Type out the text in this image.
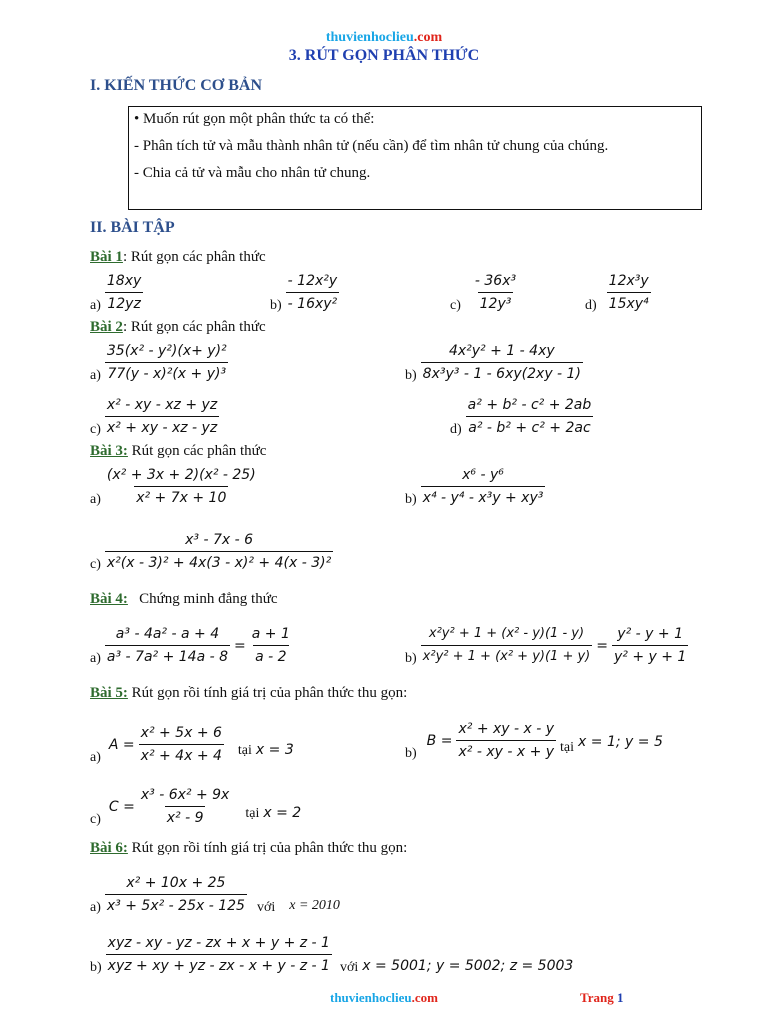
thuvienhoclieu.com
3. RÚT GỌN PHÂN THỨC
I. KIẾN THỨC CƠ BẢN
• Muốn rút gọn một phân thức ta có thể:
- Phân tích tử và mẫu thành nhân tử (nếu cần) để tìm nhân tử chung của chúng.
- Chia cả tử và mẫu cho nhân tử chung.
II. BÀI TẬP
Bài 1: Rút gọn các phân thức
$a) \frac{18xy}{12yz}$	$b) \frac{\text{- 12x²y}}{\text{- 16xy²}}$	$c) \frac{\text{- 36x³}}{\text{12y³}}$	$d) \frac{\text{12x³y}}{\text{15xy⁴}}$
Bài 2: Rút gọn các phân thức
$a) \frac{\text{35(x² - y²)(x+ y)²}}{\text{77(y - x)²(x + y)³}}$	$b) \frac{\text{4x²y² + 1 - 4xy}}{\text{8x³y³ - 1 - 6xy(2xy - 1)}}$
$c) \frac{\text{x² - xy - xz + yz}}{\text{x² + xy - xz - yz}}$	$d) \frac{\text{a² + b² - c² + 2ab}}{\text{a² - b² + c² + 2ac}}$
Bài 3: Rút gọn các phân thức
$a) \frac{\text{(x² + 3x + 2)(x² - 25)}}{\text{x² + 7x + 10}}$	$b) \frac{\text{x⁶ - y⁶}}{\text{x⁴ - y⁴ - x³y + xy³}}$
$c) \frac{\text{x³ - 7x - 6}}{\text{x²(x - 3)² + 4x(3 - x)² + 4(x - 3)²}}$
Bài 4:   Chứng minh đẳng thức
$a) \frac{\text{a³ - 4a² - a + 4}}{\text{a³ - 7a² + 14a - 8}} = \frac{a + 1}{a - 2}$	$b) \frac{\text{x²y² + 1 + (x² - y)(1 - y)}}{\text{x²y² + 1 + (x² + y)(1 + y)}} = \frac{\text{y² - y + 1}}{\text{y² + y + 1}}$
Bài 5: Rút gọn rồi tính giá trị của phân thức thu gọn:
a)
$A = \frac{\text{x² + 5x + 6}}{\text{x² + 4x + 4}}$ tại x = 3	b)
$B = \frac{\text{x² + xy - x - y}}{\text{x² - xy - x + y}}$ tại x = 1; y = 5
c)
$C = \frac{\text{x³ - 6x² + 9x}}{\text{x² - 9}}$ tại x = 2
Bài 6: Rút gọn rồi tính giá trị của phân thức thu gọn:
$a) \frac{\text{x² + 10x + 25}}{\text{x³ + 5x² - 25x - 125}}$ với x = 2010
$b) \frac{\text{xyz - xy - yz - zx + x + y + z - 1}}{\text{xyz + xy + yz - zx - x + y - z - 1}}$ với x = 5001; y = 5002; z = 5003
thuvienhoclieu.com	Trang 1
